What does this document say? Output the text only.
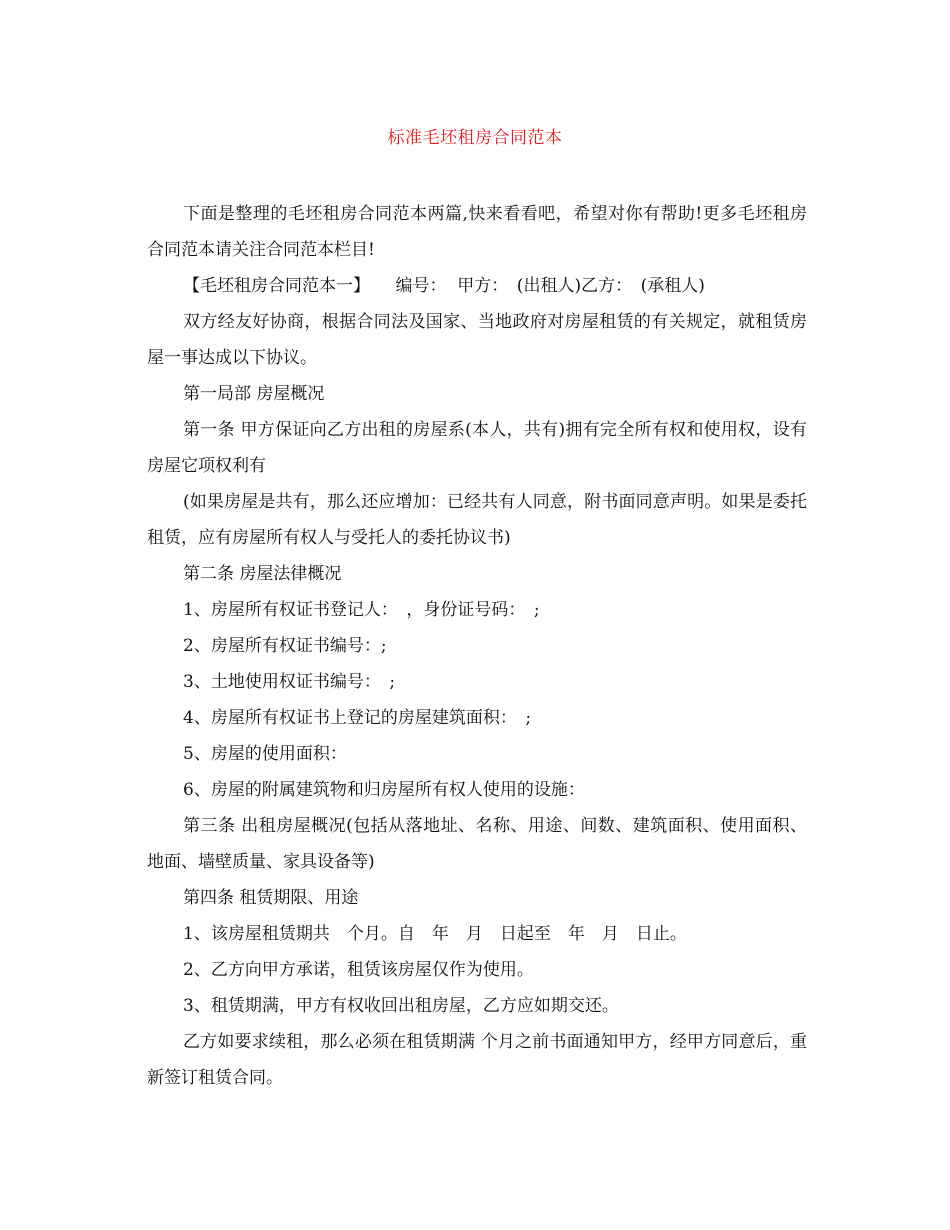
标准毛坯租房合同范本

下面是整理的毛坯租房合同范本两篇,快来看看吧，希望对你有帮助!更多毛坯租房合同范本请关注合同范本栏目!

【毛坯租房合同范本一】　　编号：  甲方：　(出租人)乙方：　(承租人)

双方经友好协商，根据合同法及国家、当地政府对房屋租赁的有关规定，就租赁房屋一事达成以下协议。

第一局部 房屋概况

第一条 甲方保证向乙方出租的房屋系(本人，共有)拥有完全所有权和使用权，设有房屋它项权利有

(如果房屋是共有，那么还应增加：已经共有人同意，附书面同意声明。如果是委托租赁，应有房屋所有权人与受托人的委托协议书)

第二条 房屋法律概况

1、房屋所有权证书登记人：　，身份证号码：　;

2、房屋所有权证书编号：;

3、土地使用权证书编号：　;

4、房屋所有权证书上登记的房屋建筑面积：　;

5、房屋的使用面积：

6、房屋的附属建筑物和归房屋所有权人使用的设施：

第三条 出租房屋概况(包括从落地址、名称、用途、间数、建筑面积、使用面积、地面、墙壁质量、家具设备等)

第四条 租赁期限、用途

1、该房屋租赁期共　个月。自　年　月　日起至　年　月　日止。

2、乙方向甲方承诺，租赁该房屋仅作为使用。

3、租赁期满，甲方有权收回出租房屋，乙方应如期交还。

乙方如要求续租，那么必须在租赁期满 个月之前书面通知甲方，经甲方同意后，重新签订租赁合同。
